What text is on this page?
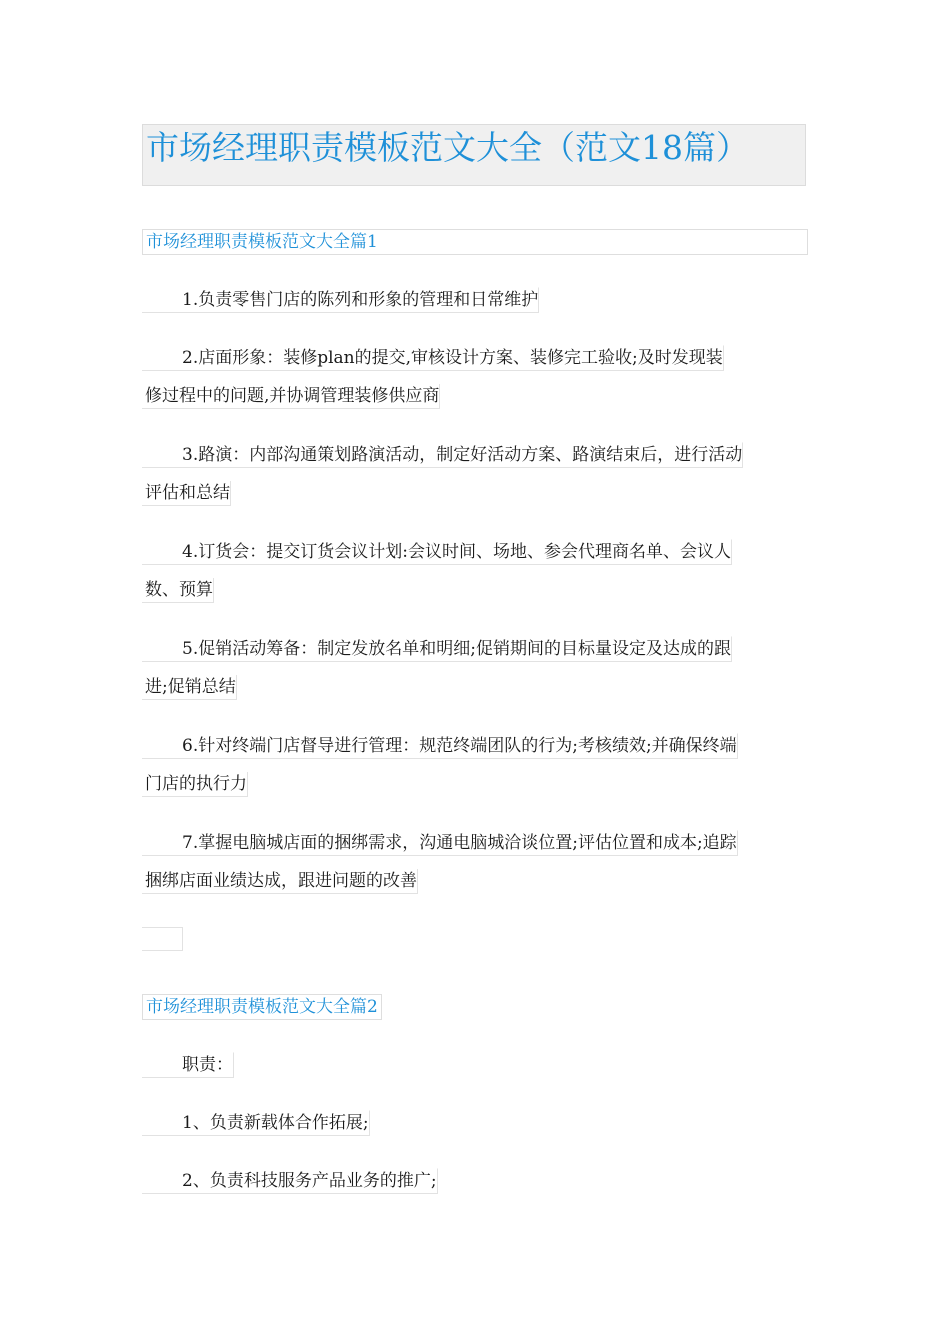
市场经理职责模板范文大全（范文18篇）
市场经理职责模板范文大全篇1
1.负责零售门店的陈列和形象的管理和日常维护
2.店面形象：装修plan的提交,审核设计方案、装修完工验收;及时发现装
修过程中的问题,并协调管理装修供应商
3.路演：内部沟通策划路演活动，制定好活动方案、路演结束后，进行活动
评估和总结
4.订货会：提交订货会议计划:会议时间、场地、参会代理商名单、会议人
数、预算
5.促销活动筹备：制定发放名单和明细;促销期间的目标量设定及达成的跟
进;促销总结
6.针对终端门店督导进行管理：规范终端团队的行为;考核绩效;并确保终端
门店的执行力
7.掌握电脑城店面的捆绑需求，沟通电脑城洽谈位置;评估位置和成本;追踪
捆绑店面业绩达成，跟进问题的改善
市场经理职责模板范文大全篇2
职责：
1、负责新载体合作拓展;
2、负责科技服务产品业务的推广;
